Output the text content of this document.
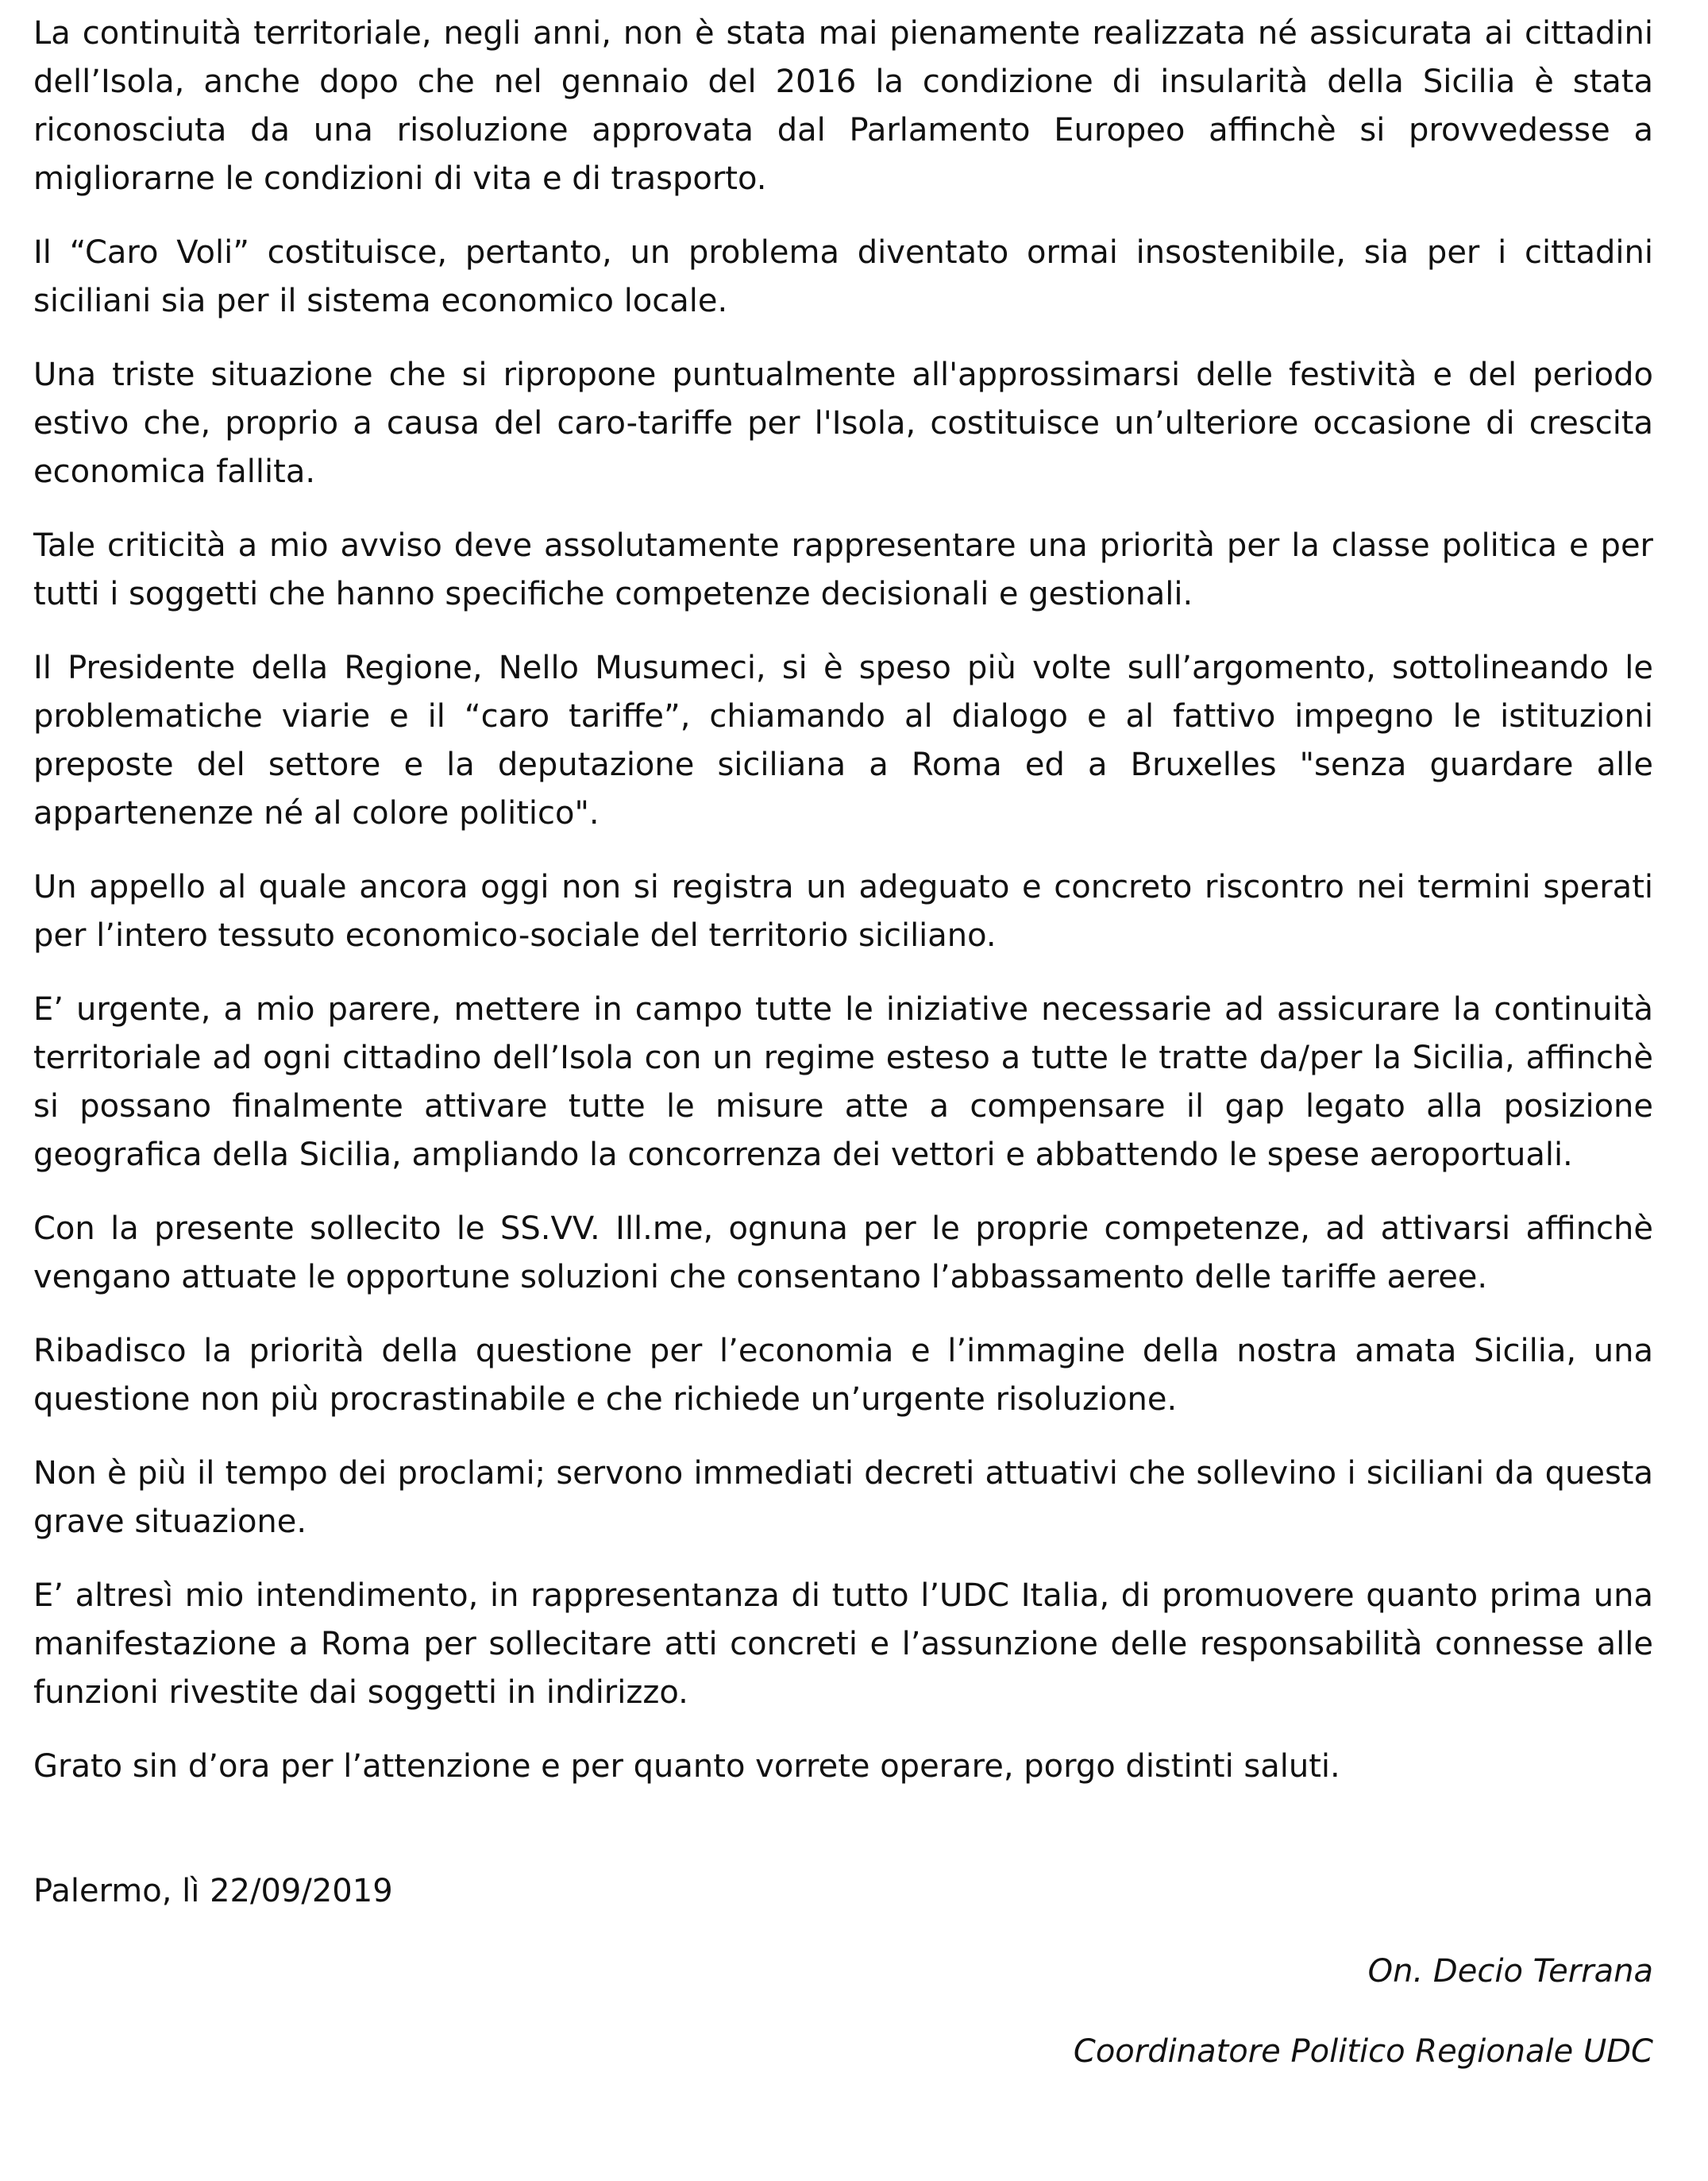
La continuità territoriale, negli anni, non è stata mai pienamente realizzata né assicurata ai cittadini dell’Isola, anche dopo che nel gennaio del 2016 la condizione di insularità della Sicilia è stata riconosciuta da una risoluzione approvata dal Parlamento Europeo affinchè si provvedesse a migliorarne le condizioni di vita e di trasporto.

Il “Caro Voli” costituisce, pertanto, un problema diventato ormai insostenibile, sia per i cittadini siciliani sia per il sistema economico locale.

Una triste situazione che si ripropone puntualmente all'approssimarsi delle festività e del periodo estivo che, proprio a causa del caro-tariffe per l'Isola, costituisce un’ulteriore occasione di crescita economica fallita.

Tale criticità a mio avviso deve assolutamente rappresentare una priorità per la classe politica e per tutti i soggetti che hanno specifiche competenze decisionali e gestionali.

Il Presidente della Regione, Nello Musumeci, si è speso più volte sull’argomento, sottolineando le problematiche viarie e il “caro tariffe”, chiamando al dialogo e al fattivo impegno le istituzioni preposte del settore e la deputazione siciliana a Roma ed a Bruxelles "senza guardare alle appartenenze né al colore politico".

Un appello al quale ancora oggi non si registra un adeguato e concreto riscontro nei termini sperati per l’intero tessuto economico-sociale del territorio siciliano.

E’ urgente, a mio parere, mettere in campo tutte le iniziative necessarie ad assicurare la continuità territoriale ad ogni cittadino dell’Isola con un regime esteso a tutte le tratte da/per la Sicilia, affinchè si possano finalmente attivare tutte le misure atte a compensare il gap legato alla posizione geografica della Sicilia, ampliando la concorrenza dei vettori e abbattendo le spese aeroportuali.

Con la presente sollecito le SS.VV. Ill.me, ognuna per le proprie competenze, ad attivarsi affinchè vengano attuate le opportune soluzioni che consentano l’abbassamento delle tariffe aeree.

Ribadisco la priorità della questione per l’economia e l’immagine della nostra amata Sicilia, una questione non più procrastinabile e che richiede un’urgente risoluzione.

Non è più il tempo dei proclami; servono immediati decreti attuativi che sollevino i siciliani da questa grave situazione.

E’ altresì mio intendimento, in rappresentanza di tutto l’UDC Italia, di promuovere quanto prima una manifestazione a Roma per sollecitare atti concreti e l’assunzione delle responsabilità connesse alle funzioni rivestite dai soggetti in indirizzo.

Grato sin d’ora per l’attenzione e per quanto vorrete operare, porgo distinti saluti.

Palermo, lì 22/09/2019
On. Decio Terrana
Coordinatore Politico Regionale UDC
